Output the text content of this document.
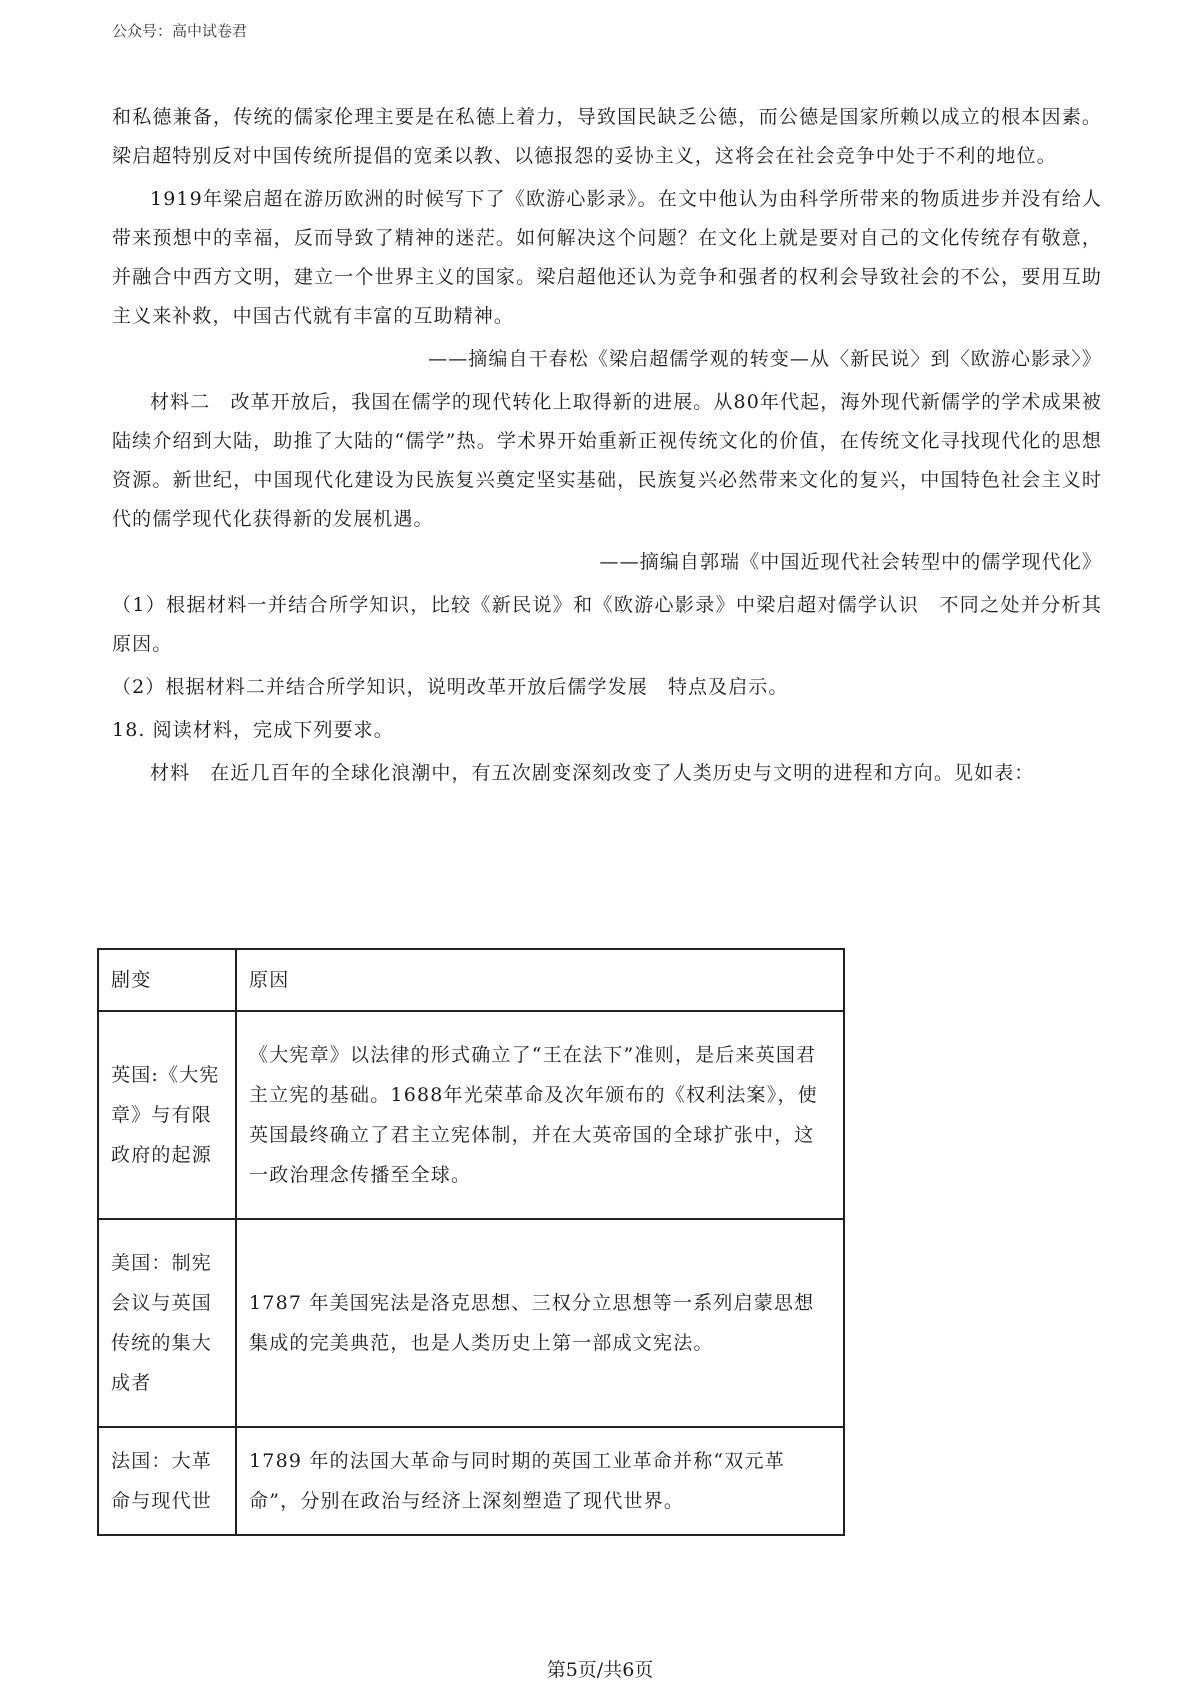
公众号：高中试卷君

和私德兼备，传统的儒家伦理主要是在私德上着力，导致国民缺乏公德，而公德是国家所赖以成立的根本因素。梁启超特别反对中国传统所提倡的宽柔以教、以德报怨的妥协主义，这将会在社会竞争中处于不利的地位。

1919年梁启超在游历欧洲的时候写下了《欧游心影录》。在文中他认为由科学所带来的物质进步并没有给人带来预想中的幸福，反而导致了精神的迷茫。如何解决这个问题？在文化上就是要对自己的文化传统存有敬意，并融合中西方文明，建立一个世界主义的国家。梁启超他还认为竞争和强者的权利会导致社会的不公，要用互助主义来补救，中国古代就有丰富的互助精神。

——摘编自干春松《梁启超儒学观的转变—从〈新民说〉到〈欧游心影录〉》

材料二　改革开放后，我国在儒学的现代转化上取得新的进展。从80年代起，海外现代新儒学的学术成果被陆续介绍到大陆，助推了大陆的“儒学”热。学术界开始重新正视传统文化的价值，在传统文化寻找现代化的思想资源。新世纪，中国现代化建设为民族复兴奠定坚实基础，民族复兴必然带来文化的复兴，中国特色社会主义时代的儒学现代化获得新的发展机遇。

——摘编自郭瑞《中国近现代社会转型中的儒学现代化》

（1）根据材料一并结合所学知识，比较《新民说》和《欧游心影录》中梁启超对儒学认识　不同之处并分析其原因。

（2）根据材料二并结合所学知识，说明改革开放后儒学发展　特点及启示。

18. 阅读材料，完成下列要求。

材料　在近几百年的全球化浪潮中，有五次剧变深刻改变了人类历史与文明的进程和方向。见如表：

剧变	原因
英国:《大宪章》与有限政府的起源	《大宪章》以法律的形式确立了“王在法下”准则，是后来英国君主立宪的基础。1688年光荣革命及次年颁布的《权利法案》，使英国最终确立了君主立宪体制，并在大英帝国的全球扩张中，这一政治理念传播至全球。
美国：制宪会议与英国传统的集大成者	1787 年美国宪法是洛克思想、三权分立思想等一系列启蒙思想集成的完美典范，也是人类历史上第一部成文宪法。
法国：大革命与现代世	1789 年的法国大革命与同时期的英国工业革命并称“双元革命”，分别在政治与经济上深刻塑造了现代世界。
第5页/共6页
